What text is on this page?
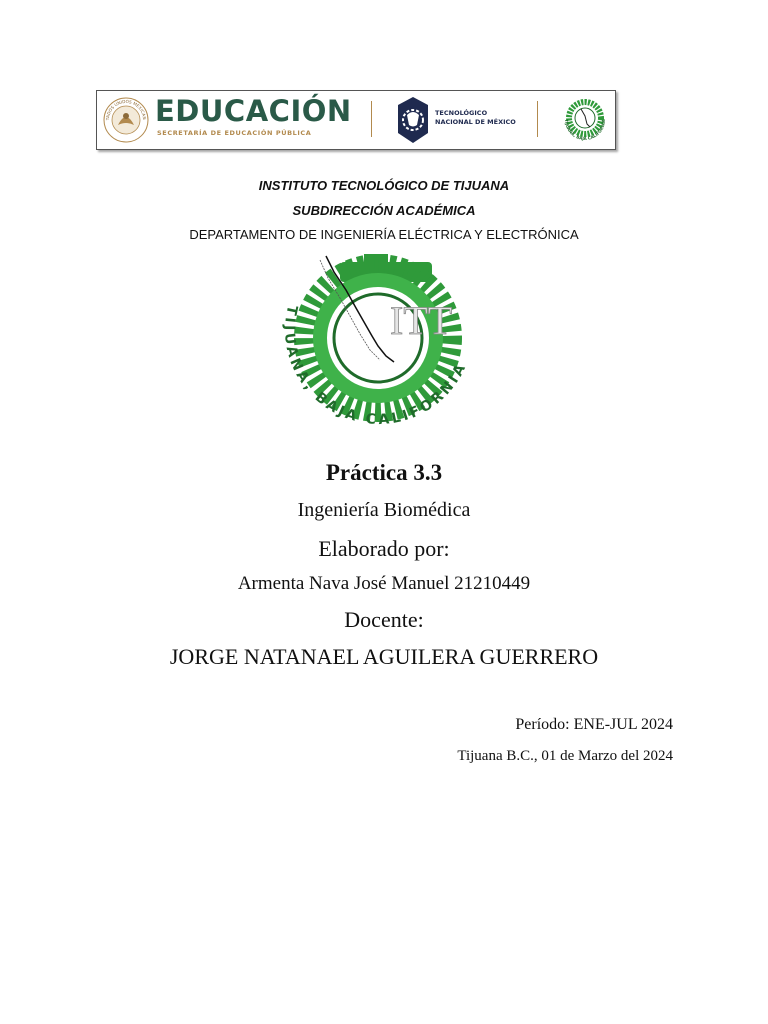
TADOS UNIDOS MEXICAN EDUCACIÓN
SECRETARÍA DE EDUCACIÓN PÚBLICA
TECNOLÓGICO
NACIONAL DE MÉXICO	TIJUANA, BAJA CALIFORNIA
INSTITUTO TECNOLÓGICO DE TIJUANA
SUBDIRECCIÓN ACADÉMICA
DEPARTAMENTO DE INGENIERÍA ELÉCTRICA Y ELECTRÓNICA
ITT
TIJUANA, BAJA CALIFORNIA
Práctica 3.3
Ingeniería Biomédica
Elaborado por:
Armenta Nava José Manuel 21210449
Docente:
JORGE NATANAEL AGUILERA GUERRERO
Período: ENE-JUL 2024
Tijuana B.C., 01 de Marzo del 2024
